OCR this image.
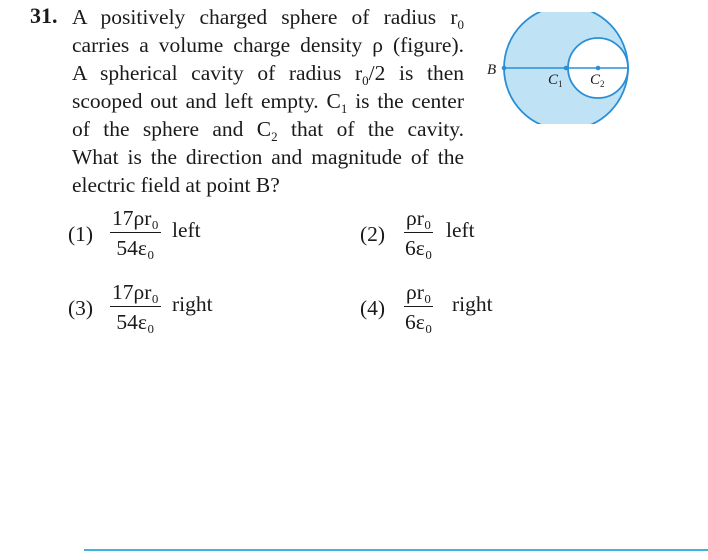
31. A positively charged sphere of radius $r_0$
carries a volume charge density ρ (figure).
A spherical cavity of radius $r_0/2$ is then
scooped out and left empty. $C_1$ is the center
of the sphere and $C_2$ that of the cavity.
What is the direction and magnitude of the
electric field at point B?
B
$C_1$ $C_2$
$(1) \frac{\text{17ρr₀}}{\text{54ε₀}}$ left	$(2) \frac{\text{ρr₀}}{\text{6ε₀}}$ left
$(3) \frac{\text{17ρr₀}}{\text{54ε₀}}$ right	$(4) \frac{\text{ρr₀}}{\text{6ε₀}}$ right
